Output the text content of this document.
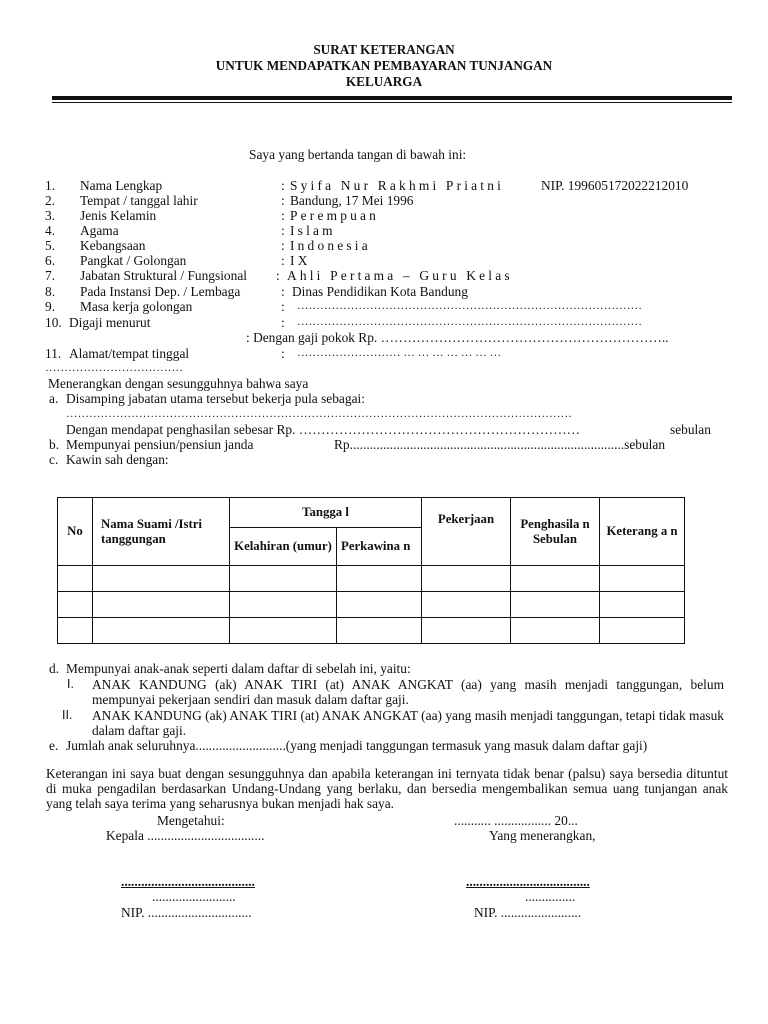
SURAT KETERANGAN
UNTUK MENDAPATKAN PEMBAYARAN TUNJANGAN
KELUARGA
Saya yang bertanda tangan di bawah ini:
1. Nama Lengkap	: Syifa Nur Rakhmi Priatni	NIP. 199605172022212010
2. Tempat / tanggal lahir	: Bandung, 17 Mei 1996
3. Jenis Kelamin	: Perempuan
4. Agama	: Islam
5. Kebangsaan	: Indonesia
6. Pangkat / Golongan	: I X
7. Jabatan Struktural / Fungsional : Ahli Pertama – Guru Kelas
8. Pada Instansi Dep. / Lembaga	: Dinas Pendidikan Kota Bandung
9. Masa kerja golongan	: ………………………………………………………………………………
10. Digaji menurut	: ………………………………………………………………………………
: Dengan gaji pokok Rp. ………………………………………………………..
11. Alamat/tempat tinggal	: ……………………… … … … … … … …
………………………………
Menerangkan dengan sesungguhnya bahwa saya
a. Disamping jabatan utama tersebut bekerja pula sebagai:
……………………………………………………………………………………………………………………
Dengan mendapat penghasilan sebesar Rp. ………………………………………………………	sebulan
b. Mempunyai pensiun/pensiun janda	Rp..................................................................................sebulan
c. Kawin sah dengan:
No	Nama Suami /Istri tanggungan	Tangga l		Pekerjaan	Penghasila n Sebulan	Keterang a n
		Kelahiran (umur)	Perkawina n			

d. Mempunyai anak-anak seperti dalam daftar di sebelah ini, yaitu:
I. ANAK KANDUNG (ak) ANAK TIRI (at) ANAK ANGKAT (aa) yang masih menjadi tanggungan, belum mempunyai pekerjaan sendiri dan masuk dalam daftar gaji.
II. ANAK KANDUNG (ak) ANAK TIRI (at) ANAK ANGKAT (aa) yang masih menjadi tanggungan, tetapi tidak masuk dalam daftar gaji.
e. Jumlah anak seluruhnya...........................(yang menjadi tanggungan termasuk yang masuk dalam daftar gaji)
Keterangan ini saya buat dengan sesungguhnya dan apabila keterangan ini ternyata tidak benar (palsu) saya bersedia dituntut di muka pengadilan berdasarkan Undang-Undang yang berlaku, dan bersedia mengembalikan semua uang tunjangan anak yang telah saya terima yang seharusnya bukan menjadi hak saya.
Mengetahui:	........... ................. 20...
Kepala ...................................	Yang menerangkan,
........................................
.........................
NIP. ...............................
.....................................
...............
NIP. ........................
